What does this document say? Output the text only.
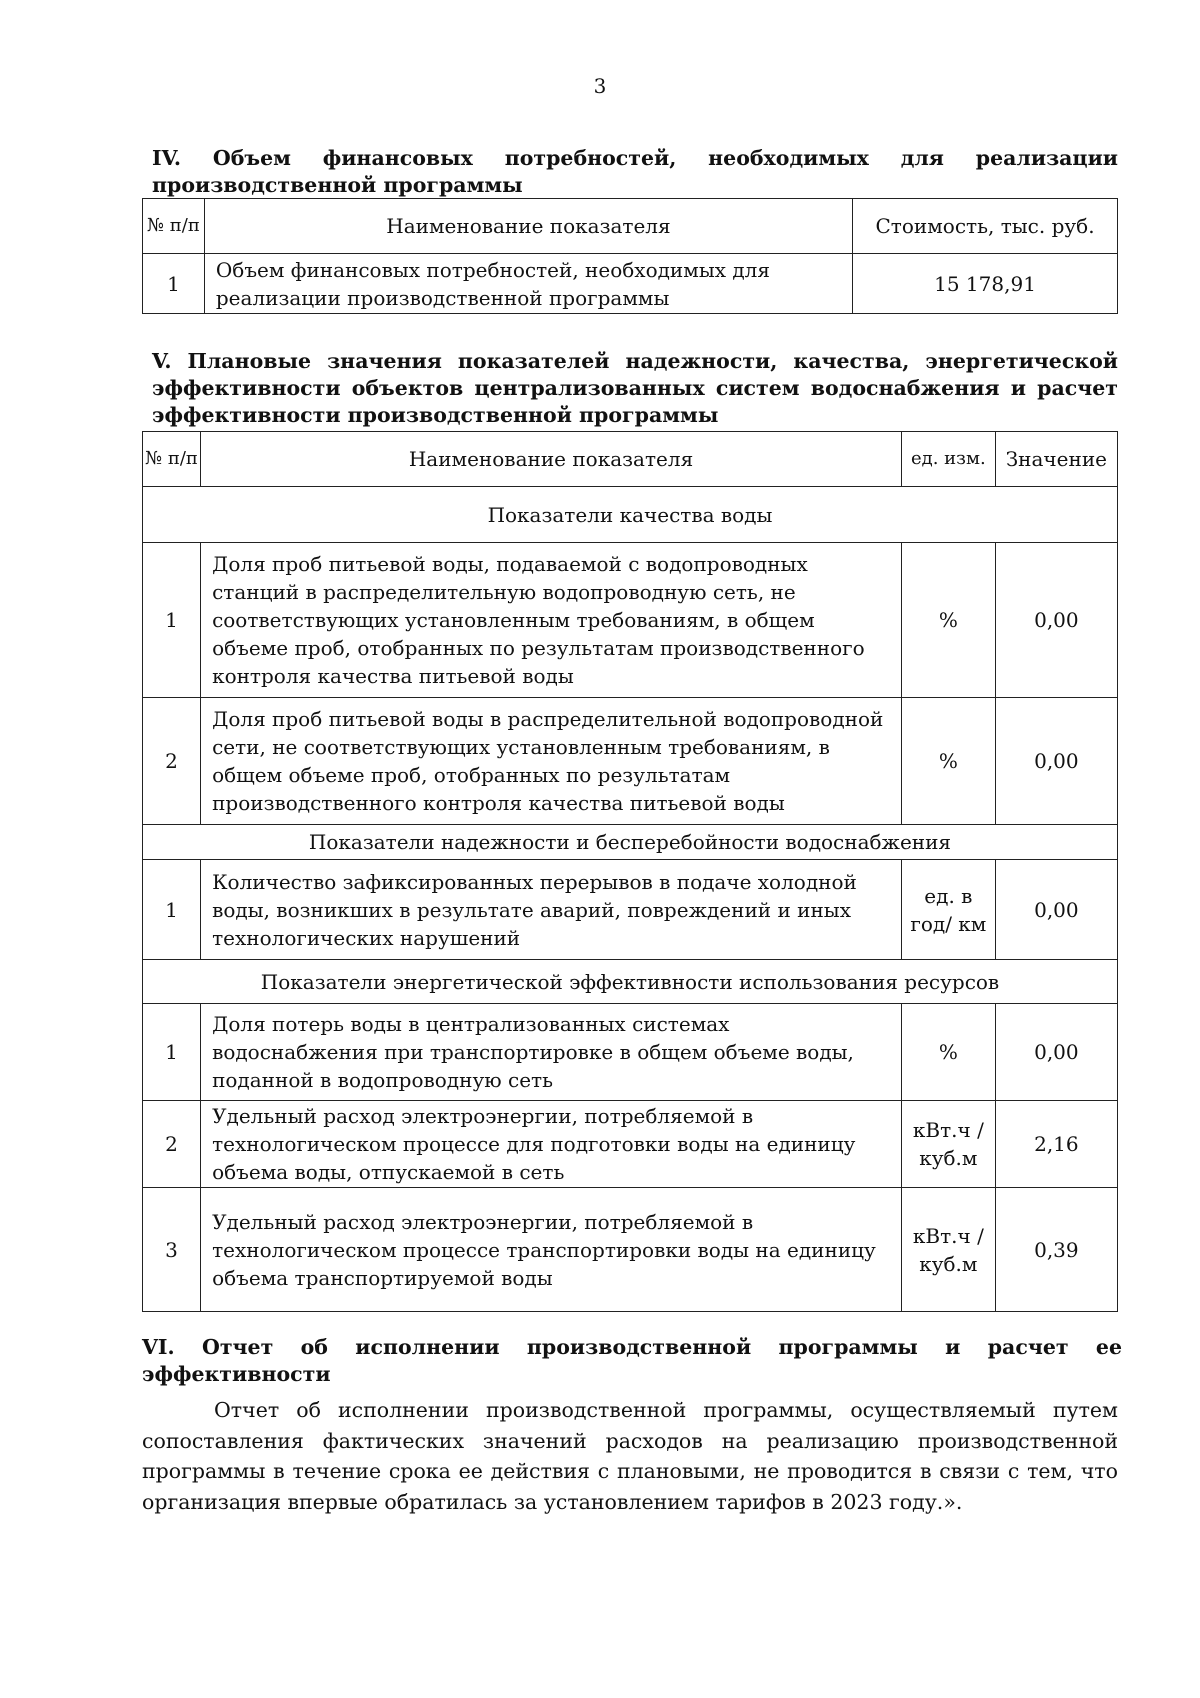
3
IV. Объем финансовых потребностей, необходимых для реализации производственной программы
№ п/п	Наименование показателя	Стоимость, тыс. руб.
1	Объем финансовых потребностей, необходимых для реализации производственной программы	15 178,91
V. Плановые значения показателей надежности, качества, энергетической эффективности объектов централизованных систем водоснабжения и расчет эффективности производственной программы
№ п/п	Наименование показателя	ед. изм.	Значение
Показатели качества воды			
1	Доля проб питьевой воды, подаваемой с водопроводных станций в распределительную водопроводную сеть, не соответствующих установленным требованиям, в общем объеме проб, отобранных по результатам производственного контроля качества питьевой воды	%	0,00
2	Доля проб питьевой воды в распределительной водопроводной сети, не соответствующих установленным требованиям, в общем объеме проб, отобранных по результатам производственного контроля качества питьевой воды	%	0,00
Показатели надежности и бесперебойности водоснабжения			
1	Количество зафиксированных перерывов в подаче холодной воды, возникших в результате аварий, повреждений и иных технологических нарушений	ед. в год/ км	0,00
Показатели энергетической эффективности использования ресурсов			
1	Доля потерь воды в централизованных системах водоснабжения при транспортировке в общем объеме воды, поданной в водопроводную сеть	%	0,00
2	Удельный расход электроэнергии, потребляемой в технологическом процессе для подготовки воды на единицу объема воды, отпускаемой в сеть	кВт.ч / куб.м	2,16
3	Удельный расход электроэнергии, потребляемой в технологическом процессе транспортировки воды на единицу объема транспортируемой воды	кВт.ч / куб.м	0,39
VI. Отчет об исполнении производственной программы и расчет ее эффективности
Отчет об исполнении производственной программы, осуществляемый путем сопоставления фактических значений расходов на реализацию производственной программы в течение срока ее действия с плановыми, не проводится в связи с тем, что организация впервые обратилась за установлением тарифов в 2023 году.».
